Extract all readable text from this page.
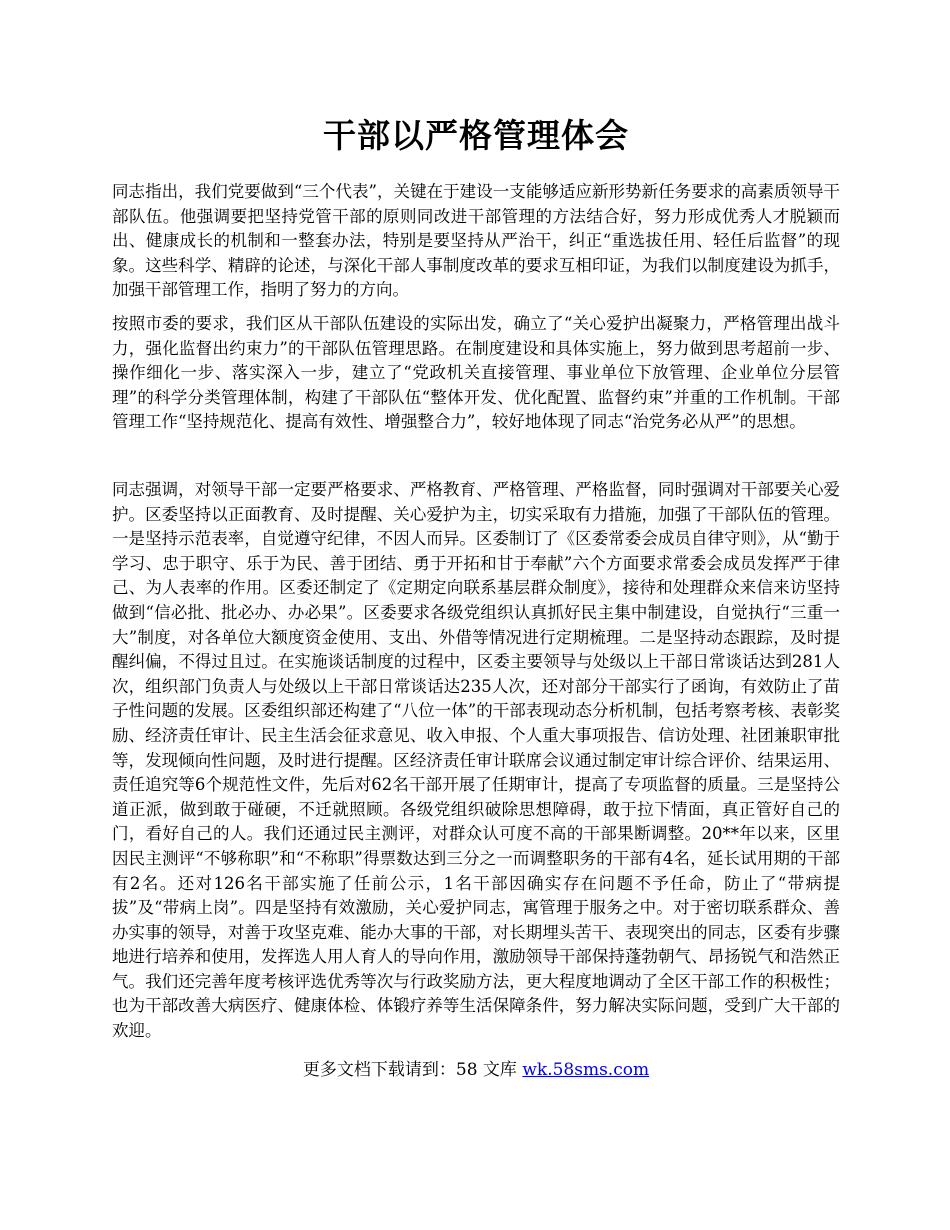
干部以严格管理体会

同志指出，我们党要做到“三个代表”，关键在于建设一支能够适应新形势新任务要求的高素质领导干部队伍。他强调要把坚持党管干部的原则同改进干部管理的方法结合好，努力形成优秀人才脱颖而出、健康成长的机制和一整套办法，特别是要坚持从严治干，纠正“重选拔任用、轻任后监督”的现象。这些科学、精辟的论述，与深化干部人事制度改革的要求互相印证，为我们以制度建设为抓手，加强干部管理工作，指明了努力的方向。

按照市委的要求，我们区从干部队伍建设的实际出发，确立了“关心爱护出凝聚力，严格管理出战斗力，强化监督出约束力”的干部队伍管理思路。在制度建设和具体实施上，努力做到思考超前一步、操作细化一步、落实深入一步，建立了“党政机关直接管理、事业单位下放管理、企业单位分层管理”的科学分类管理体制，构建了干部队伍“整体开发、优化配置、监督约束”并重的工作机制。干部管理工作“坚持规范化、提高有效性、增强整合力”，较好地体现了同志“治党务必从严”的思想。

同志强调，对领导干部一定要严格要求、严格教育、严格管理、严格监督，同时强调对干部要关心爱护。区委坚持以正面教育、及时提醒、关心爱护为主，切实采取有力措施，加强了干部队伍的管理。一是坚持示范表率，自觉遵守纪律，不因人而异。区委制订了《区委常委会成员自律守则》，从“勤于学习、忠于职守、乐于为民、善于团结、勇于开拓和甘于奉献”六个方面要求常委会成员发挥严于律己、为人表率的作用。区委还制定了《定期定向联系基层群众制度》，接待和处理群众来信来访坚持做到“信必批、批必办、办必果”。区委要求各级党组织认真抓好民主集中制建设，自觉执行“三重一大”制度，对各单位大额度资金使用、支出、外借等情况进行定期梳理。二是坚持动态跟踪，及时提醒纠偏，不得过且过。在实施谈话制度的过程中，区委主要领导与处级以上干部日常谈话达到281人次，组织部门负责人与处级以上干部日常谈话达235人次，还对部分干部实行了函询，有效防止了苗子性问题的发展。区委组织部还构建了“八位一体”的干部表现动态分析机制，包括考察考核、表彰奖励、经济责任审计、民主生活会征求意见、收入申报、个人重大事项报告、信访处理、社团兼职审批等，发现倾向性问题，及时进行提醒。区经济责任审计联席会议通过制定审计综合评价、结果运用、责任追究等6个规范性文件，先后对62名干部开展了任期审计，提高了专项监督的质量。三是坚持公道正派，做到敢于碰硬，不迁就照顾。各级党组织破除思想障碍，敢于拉下情面，真正管好自己的门，看好自己的人。我们还通过民主测评，对群众认可度不高的干部果断调整。20**年以来，区里因民主测评“不够称职”和“不称职”得票数达到三分之一而调整职务的干部有4名，延长试用期的干部有2名。还对126名干部实施了任前公示，1名干部因确实存在问题不予任命，防止了“带病提拔”及“带病上岗”。四是坚持有效激励，关心爱护同志，寓管理于服务之中。对于密切联系群众、善办实事的领导，对善于攻坚克难、能办大事的干部，对长期埋头苦干、表现突出的同志，区委有步骤地进行培养和使用，发挥选人用人育人的导向作用，激励领导干部保持蓬勃朝气、昂扬锐气和浩然正气。我们还完善年度考核评选优秀等次与行政奖励方法，更大程度地调动了全区干部工作的积极性；也为干部改善大病医疗、健康体检、体锻疗养等生活保障条件，努力解决实际问题，受到广大干部的欢迎。

更多文档下载请到：58 文库 wk.58sms.com
